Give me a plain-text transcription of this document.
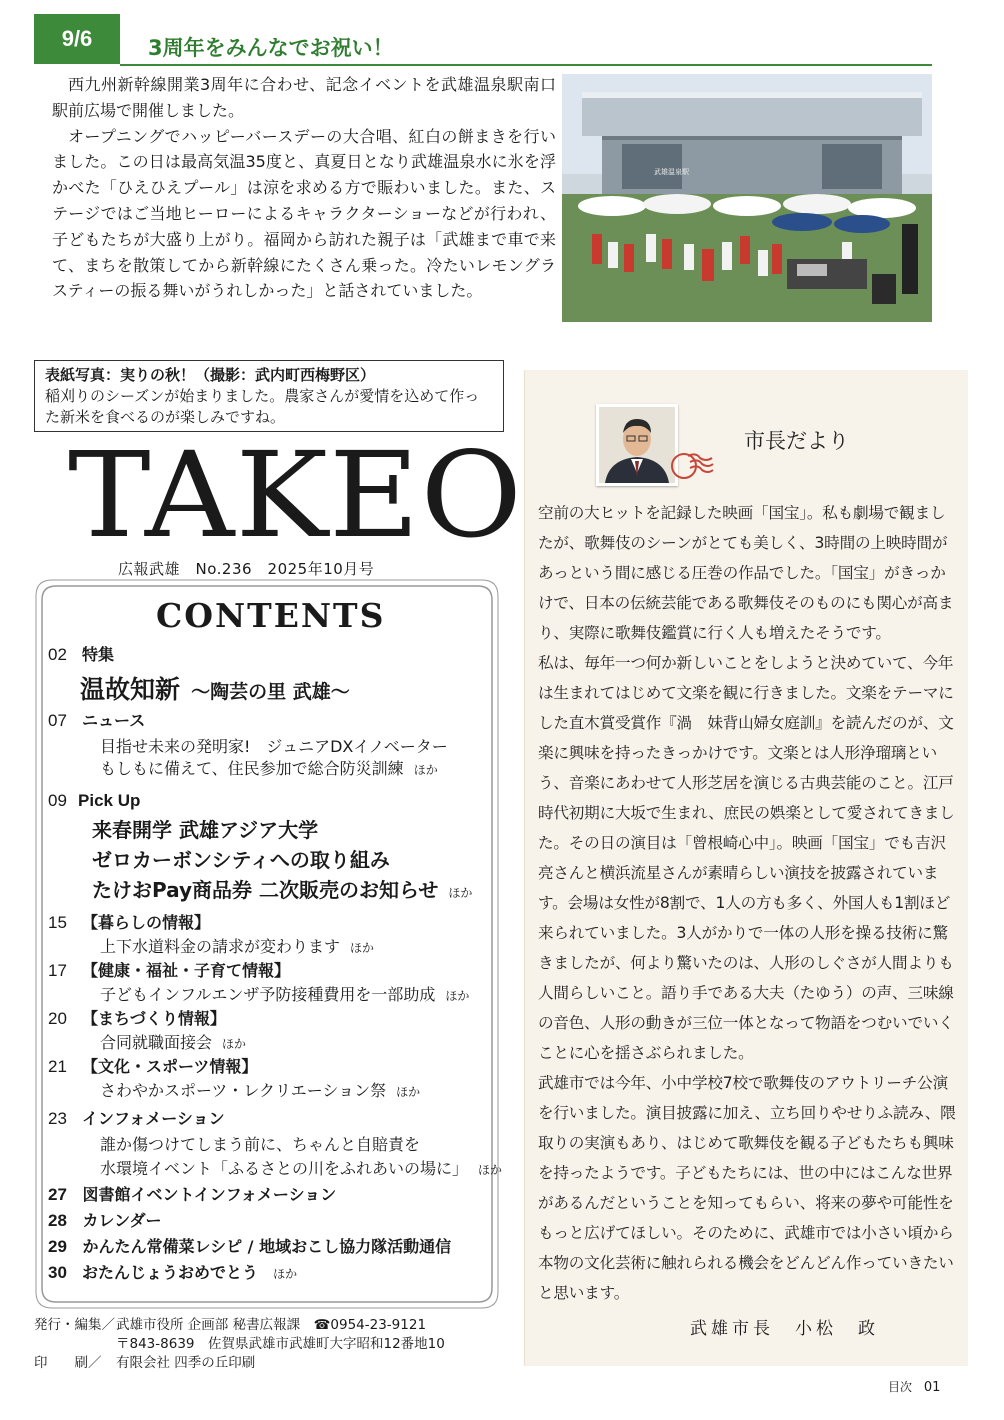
9/6	3周年をみんなでお祝い！

西九州新幹線開業3周年に合わせ、記念イベントを武雄温泉駅南口駅前広場で開催しました。

オープニングでハッピーバースデーの大合唱、紅白の餅まきを行いました。この日は最高気温35度と、真夏日となり武雄温泉水に氷を浮かべた「ひえひえプール」は涼を求める方で賑わいました。また、ステージではご当地ヒーローによるキャラクターショーなどが行われ、子どもたちが大盛り上がり。福岡から訪れた親子は「武雄まで車で来て、まちを散策してから新幹線にたくさん乗った。冷たいレモングラスティーの振る舞いがうれしかった」と話されていました。

武雄温泉駅
表紙写真：実りの秋！（撮影：武内町西梅野区）
稲刈りのシーズンが始まりました。農家さんが愛情を込めて作った新米を食べるのが楽しみですね。
TAKEO
広報武雄　No.236　2025年10月号
CONTENTS
02 特集
温故知新 ～陶芸の里 武雄～
07 ニュース
目指せ未来の発明家!　ジュニアDXイノベーター
もしもに備えて、住民参加で総合防災訓練 ほか
09 Pick Up
来春開学 武雄アジア大学
ゼロカーボンシティへの取り組み
たけおPay商品券 二次販売のお知らせ ほか
15 【暮らしの情報】
上下水道料金の請求が変わります ほか
17 【健康・福祉・子育て情報】
子どもインフルエンザ予防接種費用を一部助成 ほか
20 【まちづくり情報】
合同就職面接会 ほか
21 【文化・スポーツ情報】
さわやかスポーツ・レクリエーション祭 ほか
23 インフォメーション
誰か傷つけてしまう前に、ちゃんと自賠責を
水環境イベント「ふるさとの川をふれあいの場に」 ほか
27 図書館イベントインフォメーション
28 カレンダー
29 かんたん常備菜レシピ / 地域おこし協力隊活動通信
30 おたんじょうおめでとう ほか
発行・編集／武雄市役所 企画部 秘書広報課　☎0954-23-9121
〒843-8639　佐賀県武雄市武雄町大字昭和12番地10
印　　刷／ 有限会社 四季の丘印刷
目次 01
市長だより

空前の大ヒットを記録した映画「国宝」。私も劇場で観ましたが、歌舞伎のシーンがとても美しく、3時間の上映時間があっという間に感じる圧巻の作品でした。「国宝」がきっかけで、日本の伝統芸能である歌舞伎そのものにも関心が高まり、実際に歌舞伎鑑賞に行く人も増えたそうです。

私は、毎年一つ何か新しいことをしようと決めていて、今年は生まれてはじめて文楽を観に行きました。文楽をテーマにした直木賞受賞作『渦　妹背山婦女庭訓』を読んだのが、文楽に興味を持ったきっかけです。文楽とは人形浄瑠璃という、音楽にあわせて人形芝居を演じる古典芸能のこと。江戸時代初期に大坂で生まれ、庶民の娯楽として愛されてきました。その日の演目は「曾根崎心中」。映画「国宝」でも吉沢亮さんと横浜流星さんが素晴らしい演技を披露されています。会場は女性が8割で、1人の方も多く、外国人も1割ほど来られていました。3人がかりで一体の人形を操る技術に驚きましたが、何より驚いたのは、人形のしぐさが人間よりも人間らしいこと。語り手である大夫（たゆう）の声、三味線の音色、人形の動きが三位一体となって物語をつむいでいくことに心を揺さぶられました。

武雄市では今年、小中学校7校で歌舞伎のアウトリーチ公演を行いました。演目披露に加え、立ち回りやせりふ読み、隈取りの実演もあり、はじめて歌舞伎を観る子どもたちも興味を持ったようです。子どもたちには、世の中にはこんな世界があるんだということを知ってもらい、将来の夢や可能性をもっと広げてほしい。そのために、武雄市では小さい頃から本物の文化芸術に触れられる機会をどんどん作っていきたいと思います。

武雄市長　小松　政
